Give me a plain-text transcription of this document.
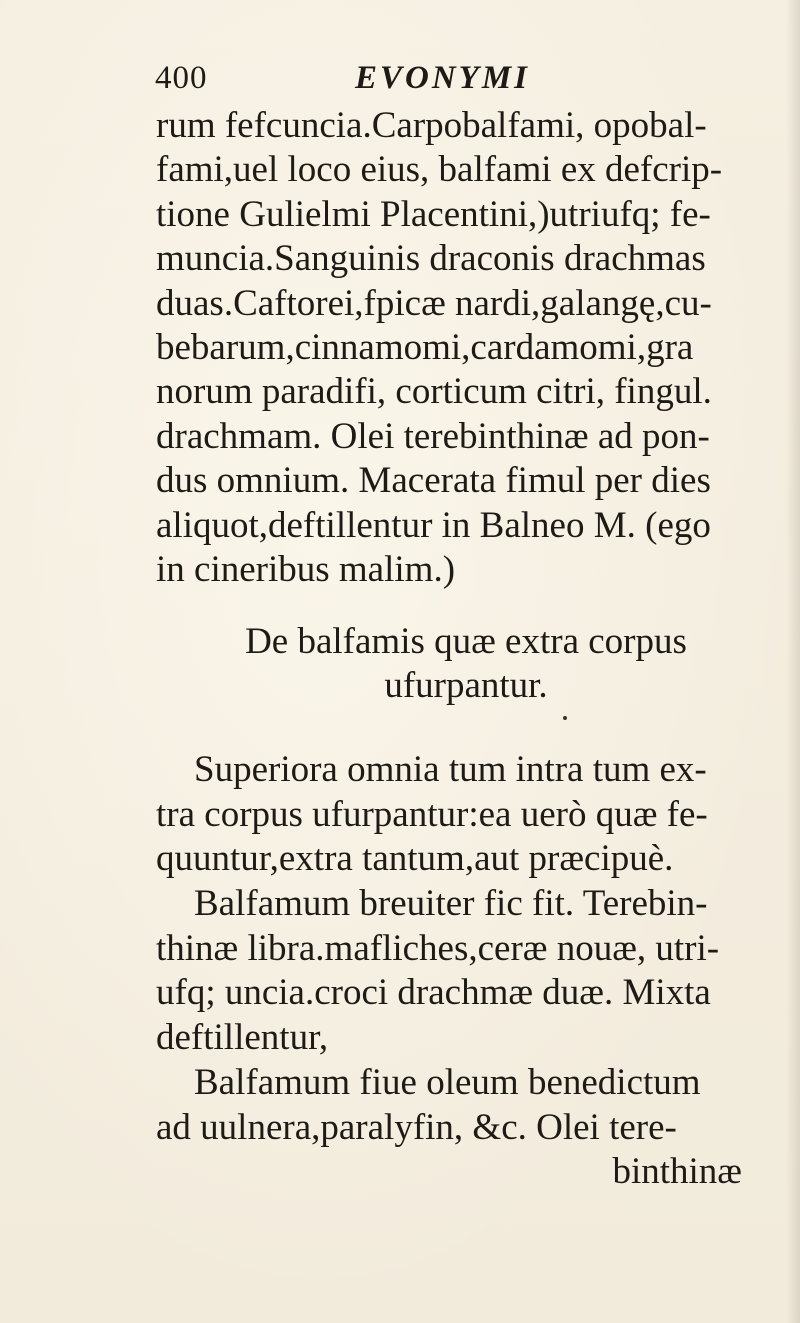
400	EVONYMI
rum fefcuncia.Carpobalfami, opobal-
fami,uel loco eius, balfami ex defcrip-
tione Gulielmi Placentini,)utriufq; fe-
muncia.Sanguinis draconis drachmas
duas.Caftorei,fpicæ nardi,galangę,cu-
bebarum,cinnamomi,cardamomi,gra
norum paradifi, corticum citri, fingul.
drachmam. Olei terebinthinæ ad pon-
dus omnium. Macerata fimul per dies
aliquot,deftillentur in Balneo M. (ego
in cineribus malim.)
De balfamis quæ extra corpus
ufurpantur.
Superiora omnia tum intra tum ex-
tra corpus ufurpantur:ea uerò quæ fe-
quuntur,extra tantum,aut præcipuè.
Balfamum breuiter fic fit. Terebin-
thinæ libra.mafliches,ceræ nouæ, utri-
ufq; uncia.croci drachmæ duæ. Mixta
deftillentur,
Balfamum fiue oleum benedictum
ad uulnera,paralyfin, &c. Olei tere-
binthinæ
